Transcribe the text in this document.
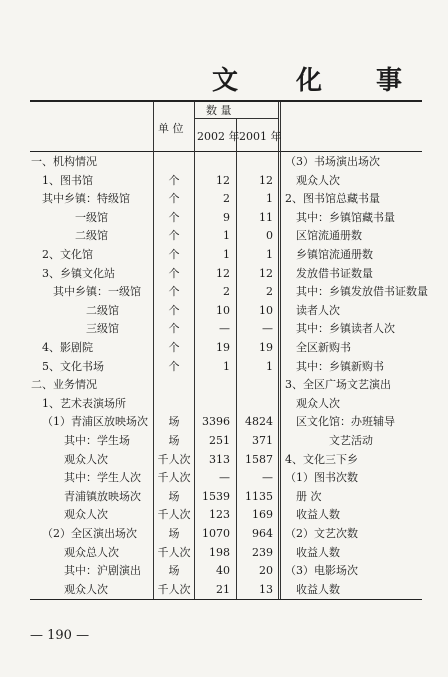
文 化 事
单 位
数 量
2002 年 2001 年
一、机构情况
1、图书馆	个	12	12
其中乡镇：特级馆	个	2	1
一级馆	个	9	11
二级馆	个	1	0
2、文化馆	个	1	1
3、乡镇文化站	个	12	12
其中乡镇：一级馆	个	2	2
二级馆	个	10	10
三级馆	个	—	—
4、影剧院	个	19	19
5、文化书场	个	1	1
二、业务情况
1、艺术表演场所
（1）青浦区放映场次	场	3396	4824
其中：学生场	场	251	371
观众人次	千人次	313	1587
其中：学生人次	千人次	—	—
青浦镇放映场次	场	1539	1135
观众人次	千人次	123	169
（2）全区演出场次	场	1070	964
观众总人次	千人次	198	239
其中：沪剧演出	场	40	20
观众人次	千人次	21	13
（3）书场演出场次
观众人次
2、图书馆总藏书量
其中：乡镇馆藏书量
区馆流通册数
乡镇馆流通册数
发放借书证数量
其中：乡镇发放借书证数量
读者人次
其中：乡镇读者人次
全区新购书
其中：乡镇新购书
3、全区广场文艺演出
观众人次
区文化馆：办班辅导
文艺活动
4、文化三下乡
（1）图书次数
册 次
收益人数
（2）文艺次数
收益人数
（3）电影场次
收益人数
— 190 —
